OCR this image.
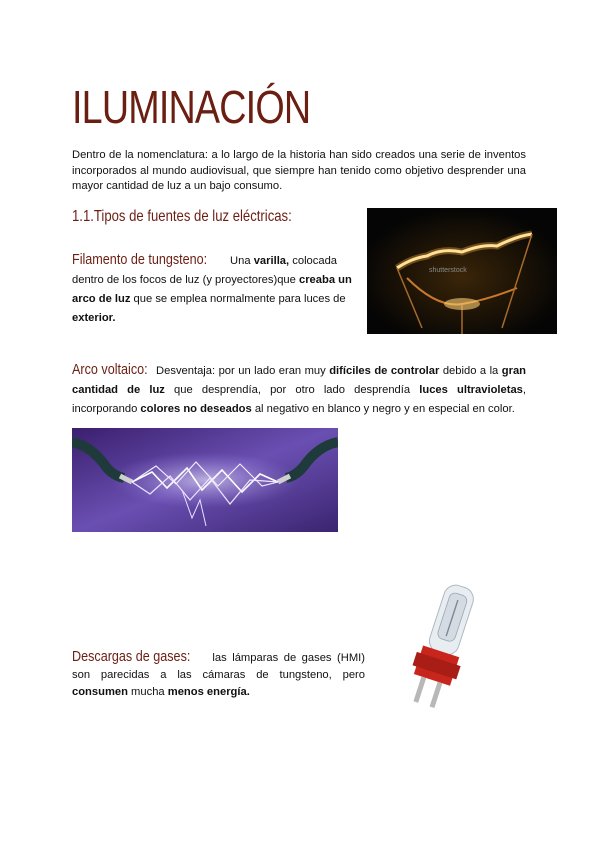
ILUMINACIÓN
Dentro de la nomenclatura: a lo largo de la historia han sido creados una serie de inventos incorporados al mundo audiovisual, que siempre han tenido como objetivo desprender una mayor cantidad de luz a un bajo consumo.
1.1.Tipos de fuentes de luz eléctricas:
shutterstock
Filamento de tungsteno: Una varilla, colocada dentro de los focos de luz (y proyectores)que creaba un arco de luz que se emplea normalmente para luces de exterior.
Arco voltaico: Desventaja: por un lado eran muy difíciles de controlar debido a la gran cantidad de luz que desprendía, por otro lado desprendía luces ultravioletas, incorporando colores no deseados al negativo en blanco y negro y en especial en color.
Descargas de gases: las lámparas de gases (HMI) son parecidas a las cámaras de tungsteno, pero consumen mucha menos energía.
